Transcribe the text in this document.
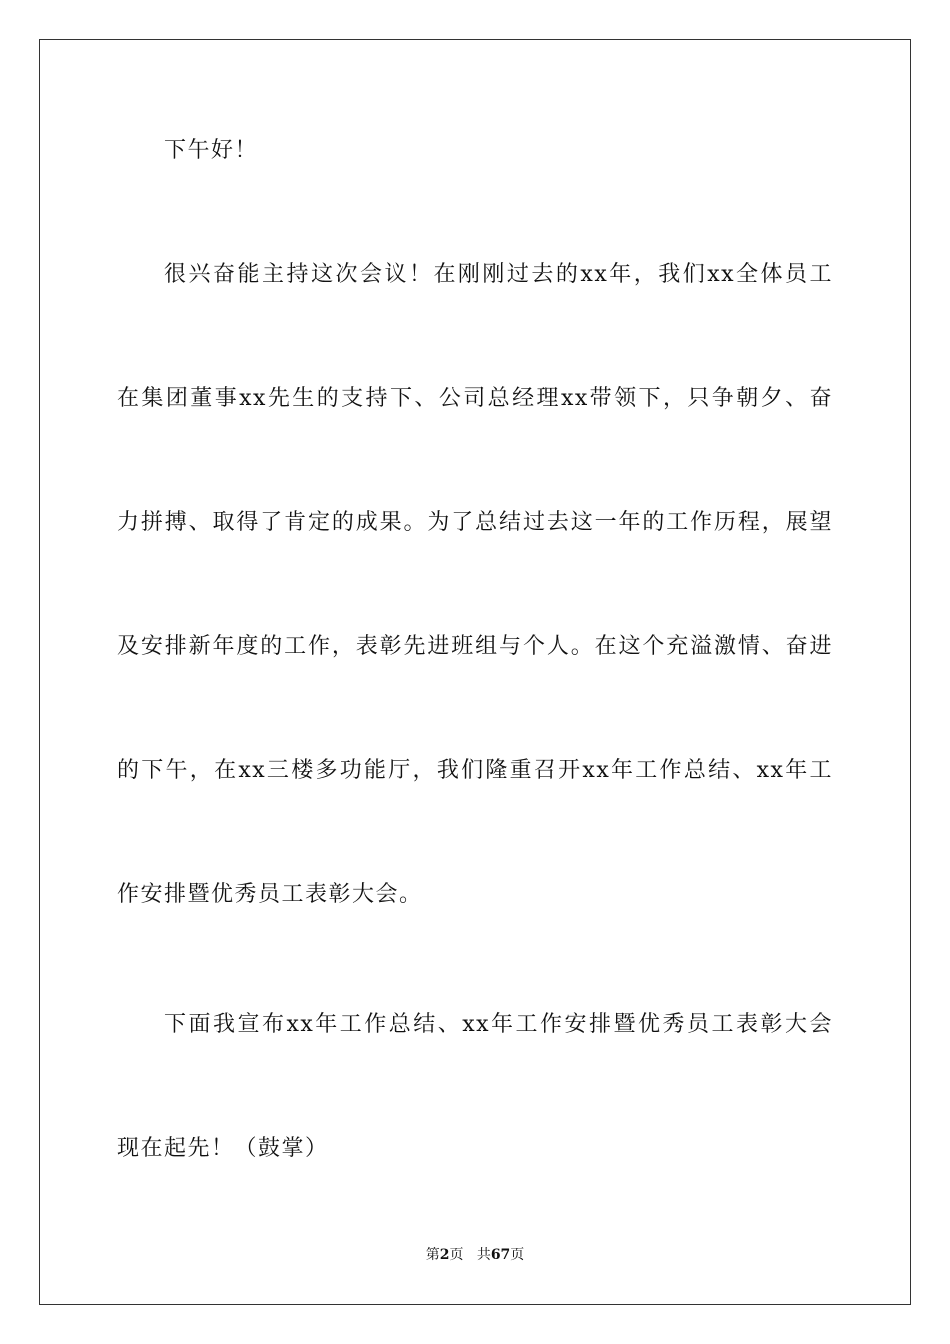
下午好！
很兴奋能主持这次会议！在刚刚过去的xx年，我们xx全体员工
在集团董事xx先生的支持下、公司总经理xx带领下，只争朝夕、奋
力拼搏、取得了肯定的成果。为了总结过去这一年的工作历程，展望
及安排新年度的工作，表彰先进班组与个人。在这个充溢激情、奋进
的下午，在xx三楼多功能厅，我们隆重召开xx年工作总结、xx年工
作安排暨优秀员工表彰大会。
下面我宣布xx年工作总结、xx年工作安排暨优秀员工表彰大会
现在起先！（鼓掌）
第2页 共67页
